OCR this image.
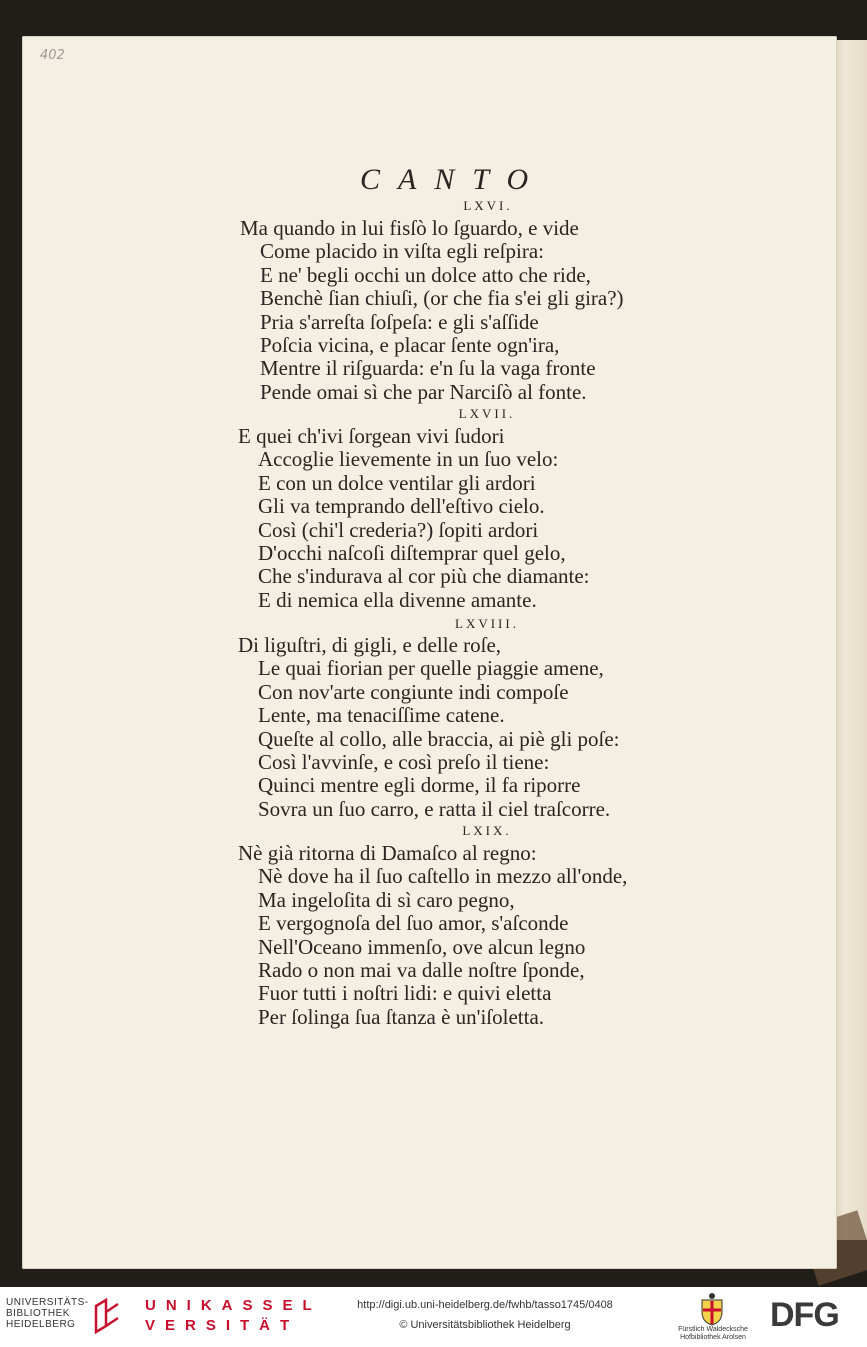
402
CANTO
LXVI.
Ma quando in lui fisſò lo ſguardo, e vide
Come placido in viſta egli reſpira:
E ne' begli occhi un dolce atto che ride,
Benchè ſian chiuſi, (or che fia s'ei gli gira?)
Pria s'arreſta ſoſpeſa: e gli s'aſſide
Poſcia vicina, e placar ſente ogn'ira,
Mentre il riſguarda: e'n ſu la vaga fronte
Pende omai sì che par Narciſò al fonte.
LXVII.
E quei ch'ivi ſorgean vivi ſudori
Accoglie lievemente in un ſuo velo:
E con un dolce ventilar gli ardori
Gli va temprando dell'eſtivo cielo.
Così (chi'l crederia?) ſopiti ardori
D'occhi naſcoſi diſtemprar quel gelo,
Che s'indurava al cor più che diamante:
E di nemica ella divenne amante.
LXVIII.
Di liguſtri, di gigli, e delle roſe,
Le quai fiorian per quelle piaggie amene,
Con nov'arte congiunte indi compoſe
Lente, ma tenaciſſime catene.
Queſte al collo, alle braccia, ai piè gli poſe:
Così l'avvinſe, e così preſo il tiene:
Quinci mentre egli dorme, il fa riporre
Sovra un ſuo carro, e ratta il ciel traſcorre.
LXIX.
Nè già ritorna di Damaſco al regno:
Nè dove ha il ſuo caſtello in mezzo all'onde,
Ma ingeloſita di sì caro pegno,
E vergognoſa del ſuo amor, s'aſconde
Nell'Oceano immenſo, ove alcun legno
Rado o non mai va dalle noſtre ſponde,
Fuor tutti i noſtri lidi: e quivi eletta
Per ſolinga ſua ſtanza è un'iſoletta.
UNIVERSITÄTS-
BIBLIOTHEK
HEIDELBERG
UNIKASSEL
VERSITÄT
http://digi.ub.uni-heidelberg.de/fwhb/tasso1745/0408
© Universitätsbibliothek Heidelberg	Fürstlich Waldecksche
Hofbibliothek Arolsen
DFG
